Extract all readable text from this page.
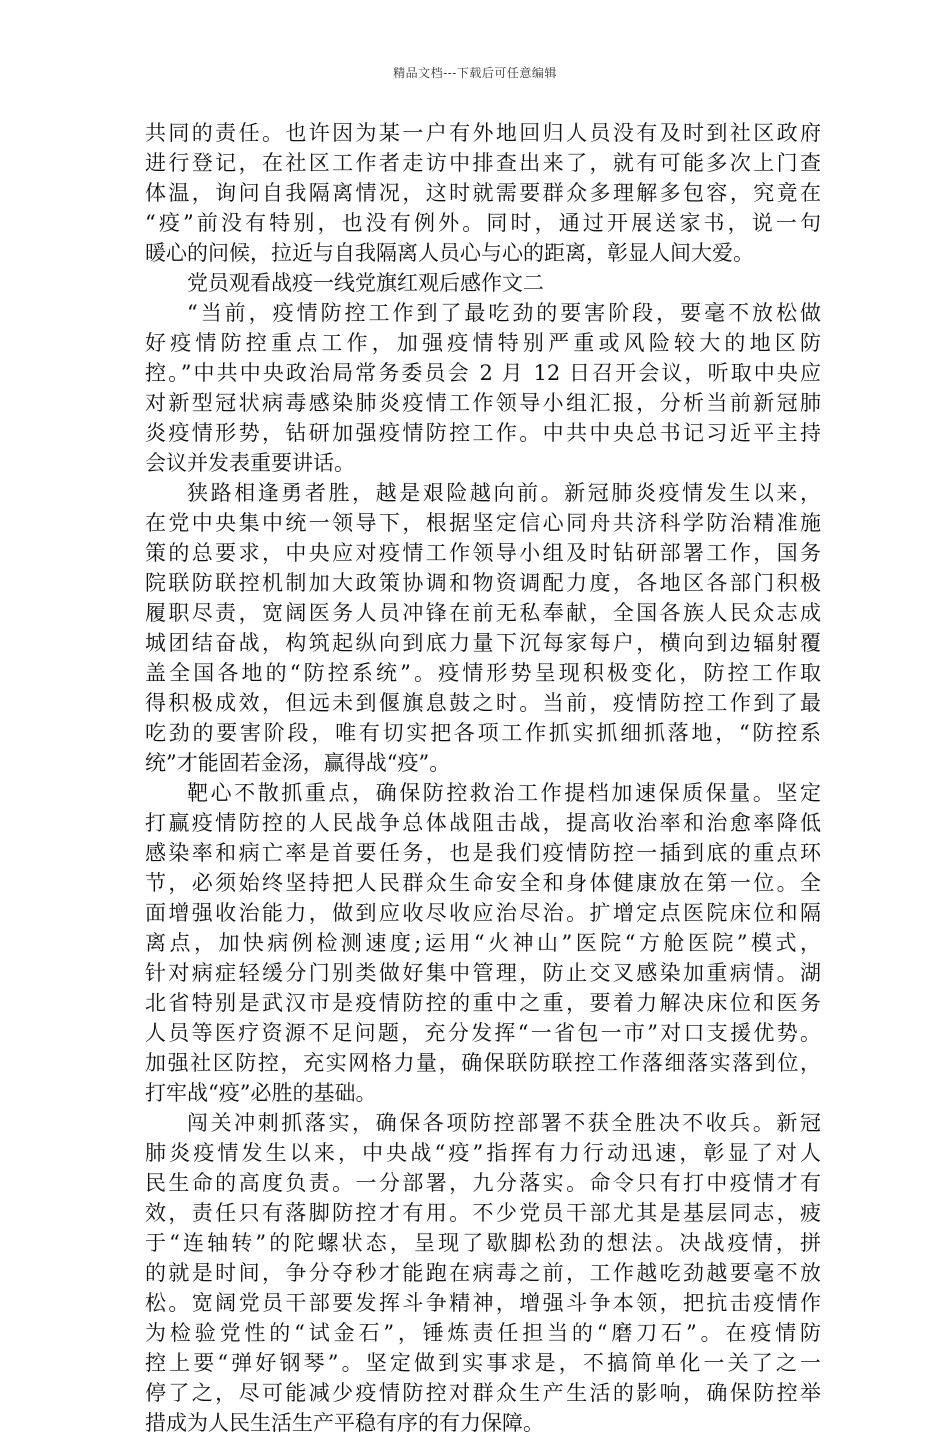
精品文档---下载后可任意编辑
共同的责任。也许因为某一户有外地回归人员没有及时到社区政府
进行登记，在社区工作者走访中排查出来了，就有可能多次上门查
体温，询问自我隔离情况，这时就需要群众多理解多包容，究竟在
“疫”前没有特别，也没有例外。同时，通过开展送家书，说一句
暖心的问候，拉近与自我隔离人员心与心的距离，彰显人间大爱。
党员观看战疫一线党旗红观后感作文二
“当前，疫情防控工作到了最吃劲的要害阶段，要毫不放松做
好疫情防控重点工作，加强疫情特别严重或风险较大的地区防
控。”中共中央政治局常务委员会 2 月 12 日召开会议，听取中央应
对新型冠状病毒感染肺炎疫情工作领导小组汇报，分析当前新冠肺
炎疫情形势，钻研加强疫情防控工作。中共中央总书记习近平主持
会议并发表重要讲话。
狭路相逢勇者胜，越是艰险越向前。新冠肺炎疫情发生以来，
在党中央集中统一领导下，根据坚定信心同舟共济科学防治精准施
策的总要求，中央应对疫情工作领导小组及时钻研部署工作，国务
院联防联控机制加大政策协调和物资调配力度，各地区各部门积极
履职尽责，宽阔医务人员冲锋在前无私奉献，全国各族人民众志成
城团结奋战，构筑起纵向到底力量下沉每家每户，横向到边辐射覆
盖全国各地的“防控系统”。疫情形势呈现积极变化，防控工作取
得积极成效，但远未到偃旗息鼓之时。当前，疫情防控工作到了最
吃劲的要害阶段，唯有切实把各项工作抓实抓细抓落地，“防控系
统”才能固若金汤，赢得战“疫”。
靶心不散抓重点，确保防控救治工作提档加速保质保量。坚定
打赢疫情防控的人民战争总体战阻击战，提高收治率和治愈率降低
感染率和病亡率是首要任务，也是我们疫情防控一插到底的重点环
节，必须始终坚持把人民群众生命安全和身体健康放在第一位。全
面增强收治能力，做到应收尽收应治尽治。扩增定点医院床位和隔
离点，加快病例检测速度;运用“火神山”医院“方舱医院”模式，
针对病症轻缓分门别类做好集中管理，防止交叉感染加重病情。湖
北省特别是武汉市是疫情防控的重中之重，要着力解决床位和医务
人员等医疗资源不足问题，充分发挥“一省包一市”对口支援优势。
加强社区防控，充实网格力量，确保联防联控工作落细落实落到位，
打牢战“疫”必胜的基础。
闯关冲刺抓落实，确保各项防控部署不获全胜决不收兵。新冠
肺炎疫情发生以来，中央战“疫”指挥有力行动迅速，彰显了对人
民生命的高度负责。一分部署，九分落实。命令只有打中疫情才有
效，责任只有落脚防控才有用。不少党员干部尤其是基层同志，疲
于“连轴转”的陀螺状态，呈现了歇脚松劲的想法。决战疫情，拼
的就是时间，争分夺秒才能跑在病毒之前，工作越吃劲越要毫不放
松。宽阔党员干部要发挥斗争精神，增强斗争本领，把抗击疫情作
为检验党性的“试金石”，锤炼责任担当的“磨刀石”。在疫情防
控上要“弹好钢琴”。坚定做到实事求是，不搞简单化一关了之一
停了之，尽可能减少疫情防控对群众生产生活的影响，确保防控举
措成为人民生活生产平稳有序的有力保障。
